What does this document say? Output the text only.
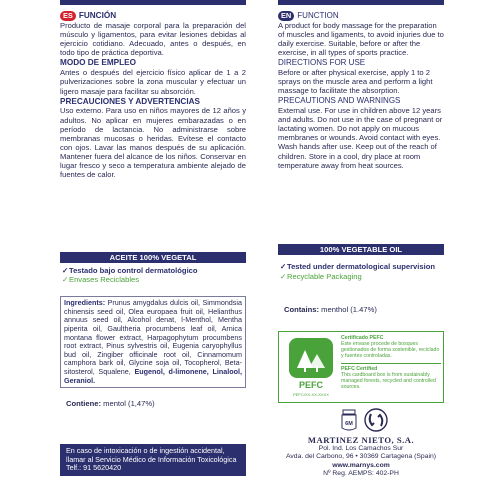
ES FUNCIÓN
Producto de masaje corporal para la preparación del músculo y ligamentos, para evitar lesiones debidas al ejercicio cotidiano. Adecuado, antes o después, en todo tipo de práctica deportiva.
MODO DE EMPLEO
Antes o después del ejercicio físico aplicar de 1 a 2 pulverizaciones sobre la zona muscular y efectuar un ligero masaje para facilitar su absorción.
PRECAUCIONES Y ADVERTENCIAS
Uso externo. Para uso en niños mayores de 12 años y adultos. No aplicar en mujeres embarazadas o en período de lactancia. No administrarse sobre membranas mucosas o heridas. Evítese el contacto con ojos. Lavar las manos después de su aplicación. Mantener fuera del alcance de los niños. Conservar en lugar fresco y seco a temperatura ambiente alejado de fuentes de calor.
ACEITE 100% VEGETAL
✓ Testado bajo control dermatológico
✓ Envases Reciclables
Ingredients: Prunus amygdalus dulcis oil, Simmondsia chinensis seed oil, Olea europaea fruit oil, Helianthus annuus seed oil, Alcohol denat, l-Menthol, Mentha piperita oil, Gaultheria procumbens leaf oil, Arnica montana flower extract, Harpagophytum procumbens root extract, Pinus sylvestris oil, Eugenia caryophyllus bud oil, Zingiber officinale root oil, Cinnamomum camphora bark oil, Glycine soja oil, Tocopherol, Beta-sitosterol, Squalene, Eugenol, d-limonene, Linalool, Geraniol.
Contiene: mentol (1,47%)
En caso de intoxicación o de ingestión accidental, llamar al Servicio Médico de Información Toxicológica Telf.: 91 5620420
EN FUNCTION
A product for body massage for the preparation of muscles and ligaments, to avoid injuries due to daily exercise. Suitable, before or after the exercise, in all types of sports practice.
DIRECTIONS FOR USE
Before or after physical exercise, apply 1 to 2 sprays on the muscle area and perform a light massage to facilitate the absorption.
PRECAUTIONS AND WARNINGS
External use. For use in children above 12 years and adults. Do not use in the case of pregnant or lactating women. Do not apply on mucous membranes or wounds. Avoid contact with eyes. Wash hands after use. Keep out of the reach of children. Store in a cool, dry place at room temperature away from heat sources.
100% VEGETABLE OIL
✓ Tested under dermatological supervision
✓ Recyclable Packaging
Contains: menthol (1.47%)
PEFC
PEFC/XX-XX-XXXX
Certificado PEFC
Este envase procede de bosques gestionados de forma sostenible, reciclado y fuentes controladas.
PEFC Certified
This cardboard box is from sustainably managed forests, recycled and controlled sources.
6M
MARTINEZ NIETO, S.A.
Pol. Ind. Los Camachos Sur
Avda. del Carbono, 96 • 30369 Cartagena (Spain)
www.marnys.com
Nº Reg. AEMPS: 402-PH
